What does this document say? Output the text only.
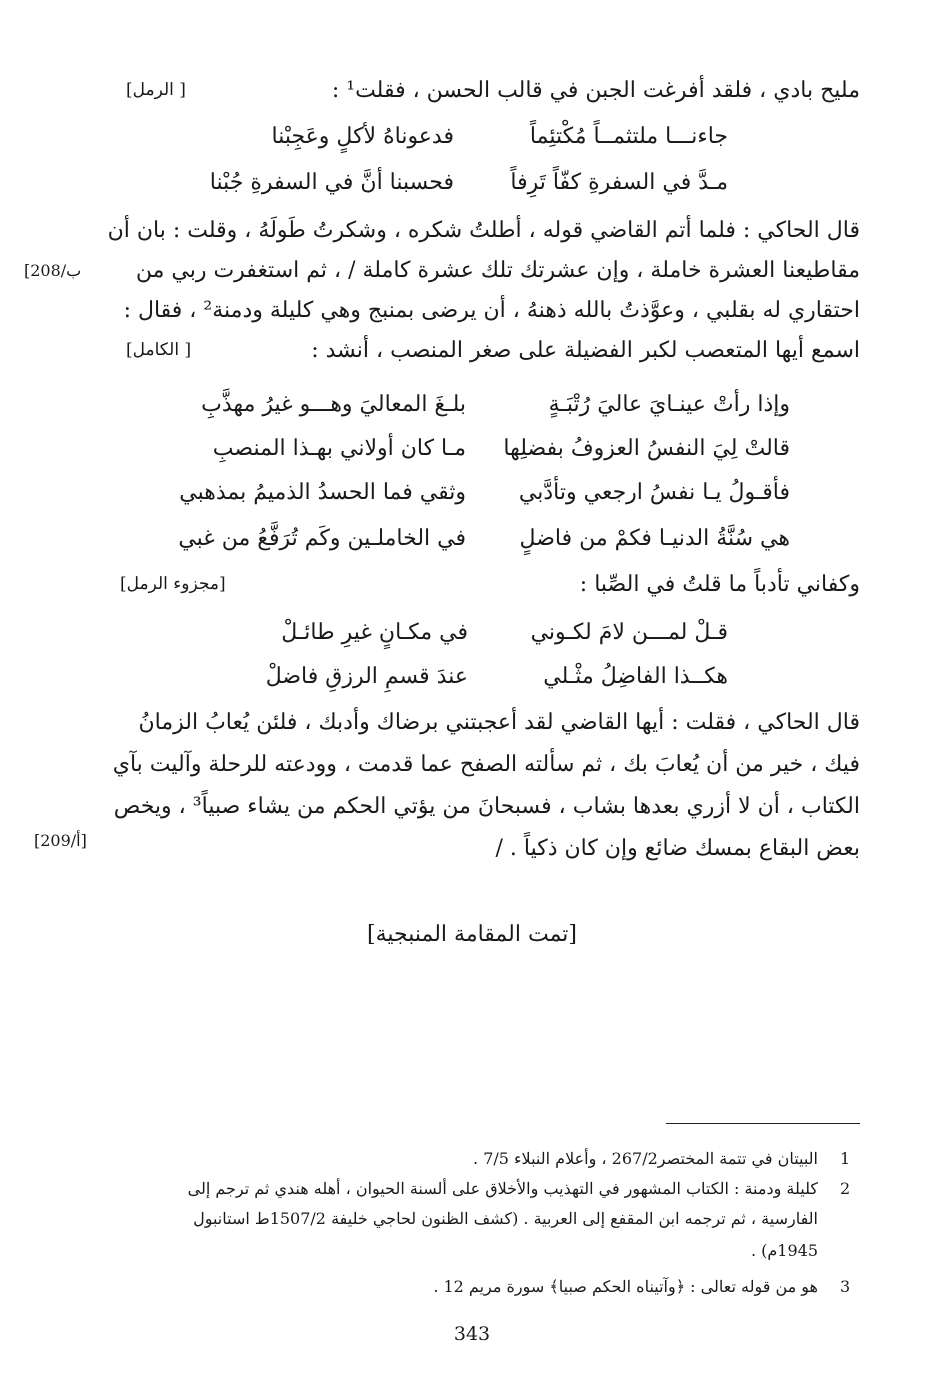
مليح بادي ، فلقد أفرغت الجبن في قالب الحسن ، فقلت¹ :
[ الرمل]
جاءنـــا ملتثمــاً مُكْتئِماً
فدعوناهُ لأكلٍ وعَجِبْنا
مـدَّ في السفرةِ كفّاً تَرِفاً
فحسبنا أنَّ في السفرةِ جُبْنا
قال الحاكي : فلما أتم القاضي قوله ، أطلتُ شكره ، وشكرتُ طَولَهُ ، وقلت : بان أن
مقاطيعنا العشرة خاملة ، وإن عشرتك تلك عشرة كاملة / ، ثم استغفرت ربي من
[208/ب
احتقاري له بقلبي ، وعوَّذتُ بالله ذهنهُ ، أن يرضى بمنبج وهي كليلة ودمنة² ، فقال :
اسمع أيها المتعصب لكبر الفضيلة على صغر المنصب ، أنشد :
[ الكامل]
وإذا رأتْ عينـايَ عاليَ رُتْبَـةٍ
بلـغَ المعاليَ وهـــو غيرُ مهذَّبِ
قالتْ لِيَ النفسُ العزوفُ بفضلِها
مـا كان أولاني بهـذا المنصبِ
فأقـولُ يـا نفسُ ارجعي وتأدَّبي
وثقي فما الحسدُ الذميمُ بمذهبي
هي سُنَّةُ الدنيـا فكمْ من فاضلٍ
في الخاملـين وكَم تُرَفَّعُ من غبي
وكفاني تأدباً ما قلتُ في الصِّبا :
[مجزوء الرمل]
قـلْ لمـــن لامَ لكـوني
في مكـانٍ غيرِ طائـلْ
هكــذا الفاضِلُ مثْـلي
عندَ قسمِ الرزقِ فاضلْ
قال الحاكي ، فقلت : أيها القاضي لقد أعجبتني برضاك وأدبك ، فلئن يُعابُ الزمانُ
فيك ، خير من أن يُعابَ بك ، ثم سألته الصفح عما قدمت ، وودعته للرحلة وآليت بآي
الكتاب ، أن لا أزري بعدها بشاب ، فسبحانَ من يؤتي الحكم من يشاء صبياً³ ، ويخص
بعض البقاع بمسك ضائع وإن كان ذكياً . /
[209/أ]
[تمت المقامة المنبجية]
1
البيتان في تتمة المختصر267/2 ، وأعلام النبلاء 7/5 .
2
كليلة ودمنة : الكتاب المشهور في التهذيب والأخلاق على ألسنة الحيوان ، أهله هندي ثم ترجم إلى
الفارسية ، ثم ترجمه ابن المقفع إلى العربية . (كشف الظنون لحاجي خليفة 1507/2ط استانبول
1945م) .
3
هو من قوله تعالى : ﴿وآتيناه الحكم صبيا﴾ سورة مريم 12 .
343
